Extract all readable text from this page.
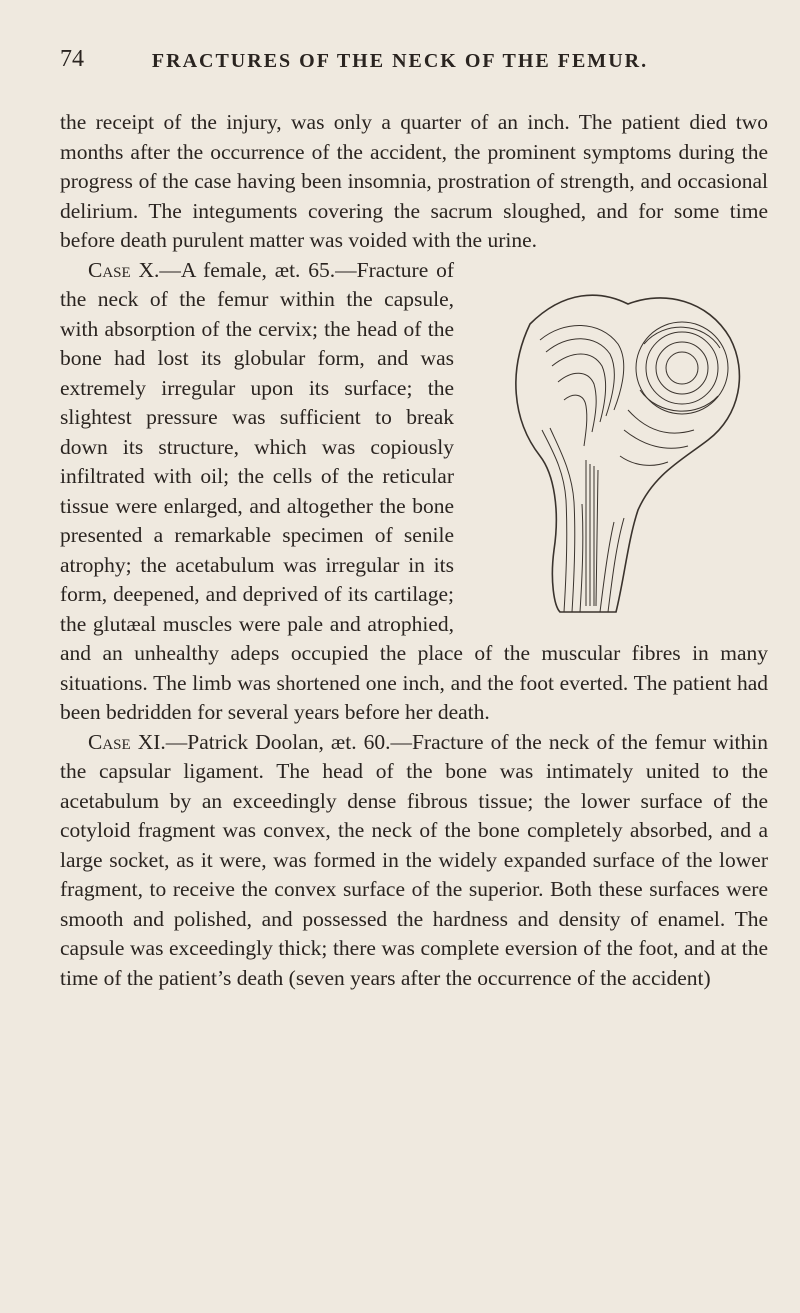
74	FRACTURES OF THE NECK OF THE FEMUR.

the receipt of the injury, was only a quarter of an inch. The patient died two months after the occurrence of the accident, the prominent symptoms during the progress of the case having been insomnia, prostration of strength, and occasional delirium. The integuments covering the sacrum sloughed, and for some time before death purulent matter was voided with the urine.

Case X.
—A female, æt. 65.—Fracture of the neck of the femur within the capsule, with absorption of the cervix; the head of the bone had lost its globular form, and was extremely irregular upon its surface; the slightest pressure was sufficient to break down its structure, which was copiously infiltrated with oil; the cells of the reticular tissue were enlarged, and altogether the bone presented a remarkable specimen of senile atrophy; the acetabulum was irregular in its form, deepened, and deprived of its cartilage; the glutæal muscles were pale and atrophied, and an unhealthy adeps occupied the place of the muscular fibres in many situations. The limb was shortened one inch, and the foot everted. The patient had been bedridden for several years before her death.

Case XI.—Patrick Doolan, æt. 60.—Fracture of the neck of the femur within the capsular ligament. The head of the bone was intimately united to the acetabulum by an exceedingly dense fibrous tissue; the lower surface of the cotyloid fragment was convex, the neck of the bone completely absorbed, and a large socket, as it were, was formed in the widely expanded surface of the lower fragment, to receive the convex surface of the superior. Both these surfaces were smooth and polished, and possessed the hardness and density of enamel. The capsule was exceedingly thick; there was complete eversion of the foot, and at the time of the patient’s death (seven years after the occurrence of the accident)
